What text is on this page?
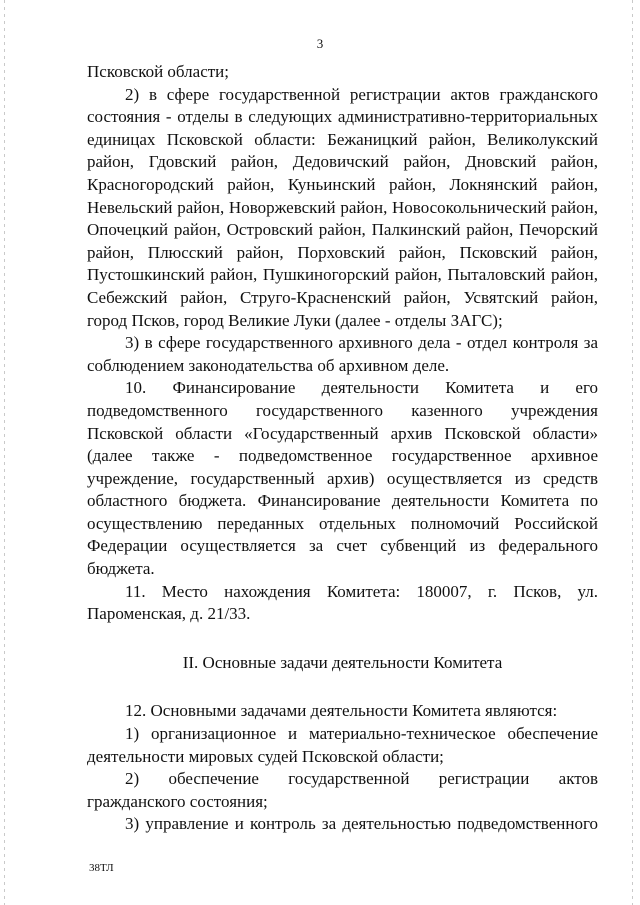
3

Псковской области;

2) в сфере государственной регистрации актов гражданского состояния - отделы в следующих административно-территориальных единицах Псковской области: Бежаницкий район, Великолукский район, Гдовский район, Дедовичский район, Дновский район, Красногородский район, Куньинский район, Локнянский район, Невельский район, Новоржевский район, Новосокольнический район, Опочецкий район, Островский район, Палкинский район, Печорский район, Плюсский район, Порховский район, Псковский район, Пустошкинский район, Пушкиногорский район, Пыталовский район, Себежский район, Струго-Красненский район, Усвятский район, город Псков, город Великие Луки (далее - отделы ЗАГС);

3) в сфере государственного архивного дела - отдел контроля за соблюдением законодательства об архивном деле.

10. Финансирование деятельности Комитета и его подведомственного государственного казенного учреждения Псковской области «Государственный архив Псковской области» (далее также - подведомственное государственное архивное учреждение, государственный архив) осуществляется из средств областного бюджета. Финансирование деятельности Комитета по осуществлению переданных отдельных полномочий Российской Федерации осуществляется за счет субвенций из федерального бюджета.

11. Место нахождения Комитета: 180007, г. Псков, ул. Пароменская, д. 21/33.

II. Основные задачи деятельности Комитета

12. Основными задачами деятельности Комитета являются:

1) организационное и материально-техническое обеспечение деятельности мировых судей Псковской области;

2) обеспечение государственной регистрации актов гражданского состояния;

3) управление и контроль за деятельностью подведомственного

38ТЛ
